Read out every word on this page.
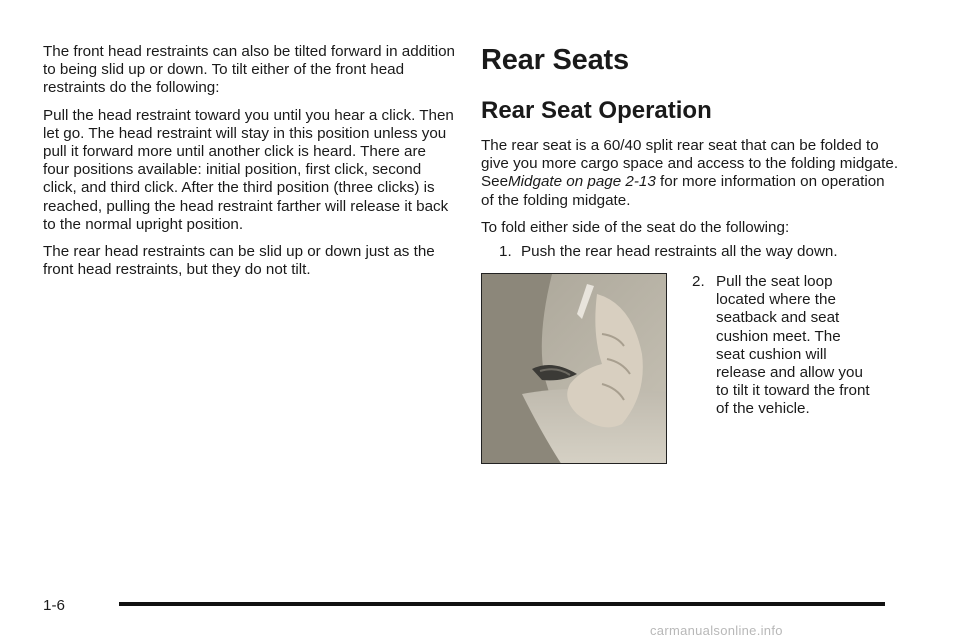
The front head restraints can also be tilted forward in addition to being slid up or down. To tilt either of the front head restraints do the following:

Pull the head restraint toward you until you hear a click. Then let go. The head restraint will stay in this position unless you pull it forward more until another click is heard. There are four positions available: initial position, first click, second click, and third click. After the third position (three clicks) is reached, pulling the head restraint farther will release it back to the normal upright position.

The rear head restraints can be slid up or down just as the front head restraints, but they do not tilt.

Rear Seats
Rear Seat Operation

The rear seat is a 60/40 split rear seat that can be folded to give you more cargo space and access to the folding midgate. SeeMidgate on page 2-13 for more information on operation of the folding midgate.

To fold either side of the seat do the following:

1. Push the rear head restraints all the way down.
2. Pull the seat loop located where the seatback and seat cushion meet. The seat cushion will release and allow you to tilt it toward the front of the vehicle.
1-6
carmanualsonline.info
